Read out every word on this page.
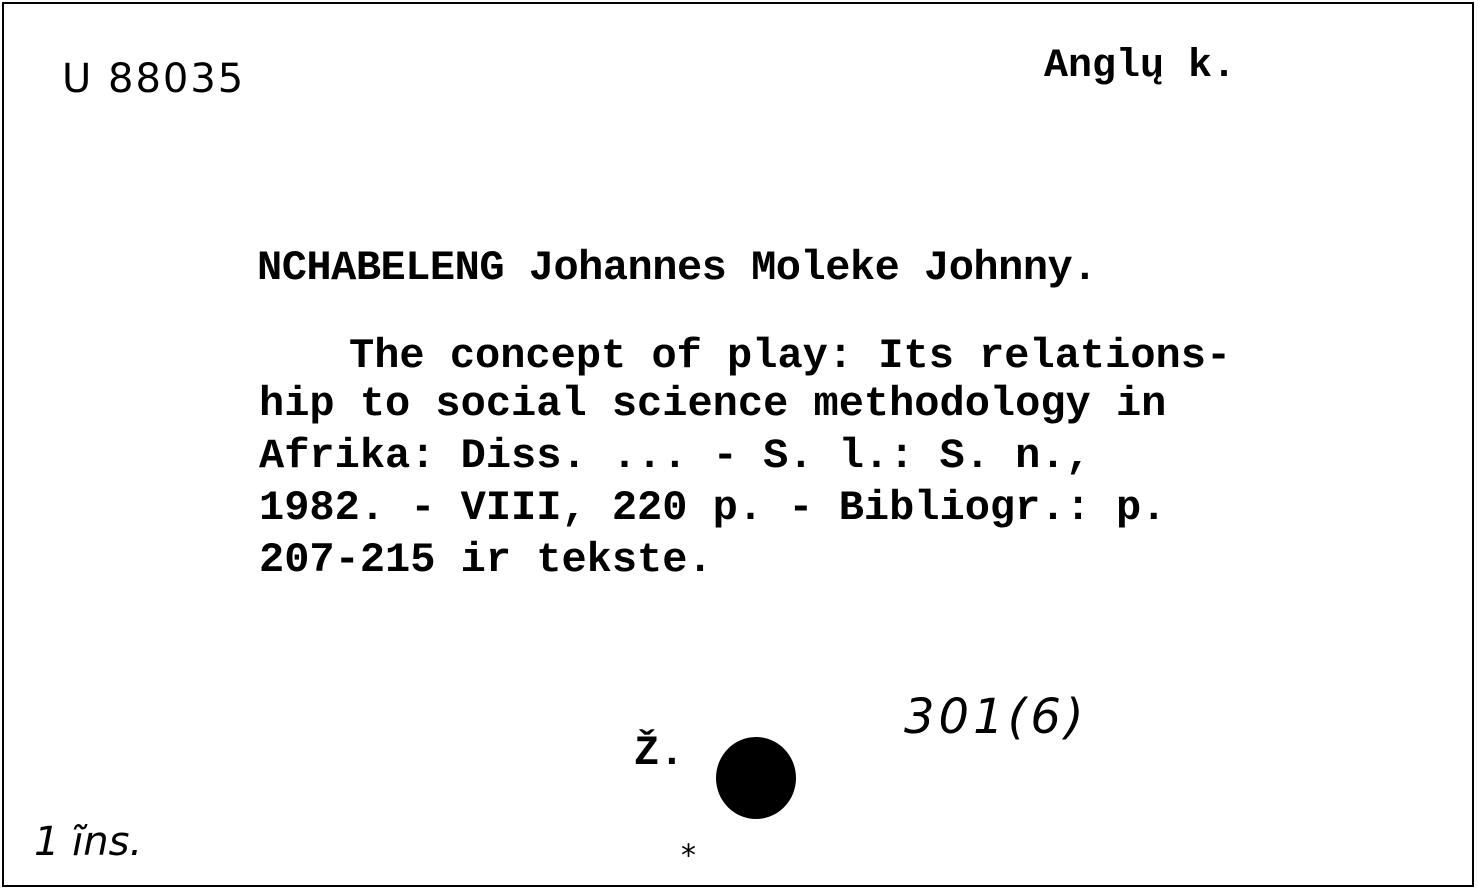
U 88035	Anglų k.
NCHABELENG Johannes Moleke Johnny.
The concept of play: Its relations-
hip to social science methodology in
Afrika: Diss. ... - S. l.: S. n.,
1982. - VIII, 220 p. - Bibliogr.: p.
207-215 ir tekste.
Ž.
301(6)
1 ĩns.	⁎
